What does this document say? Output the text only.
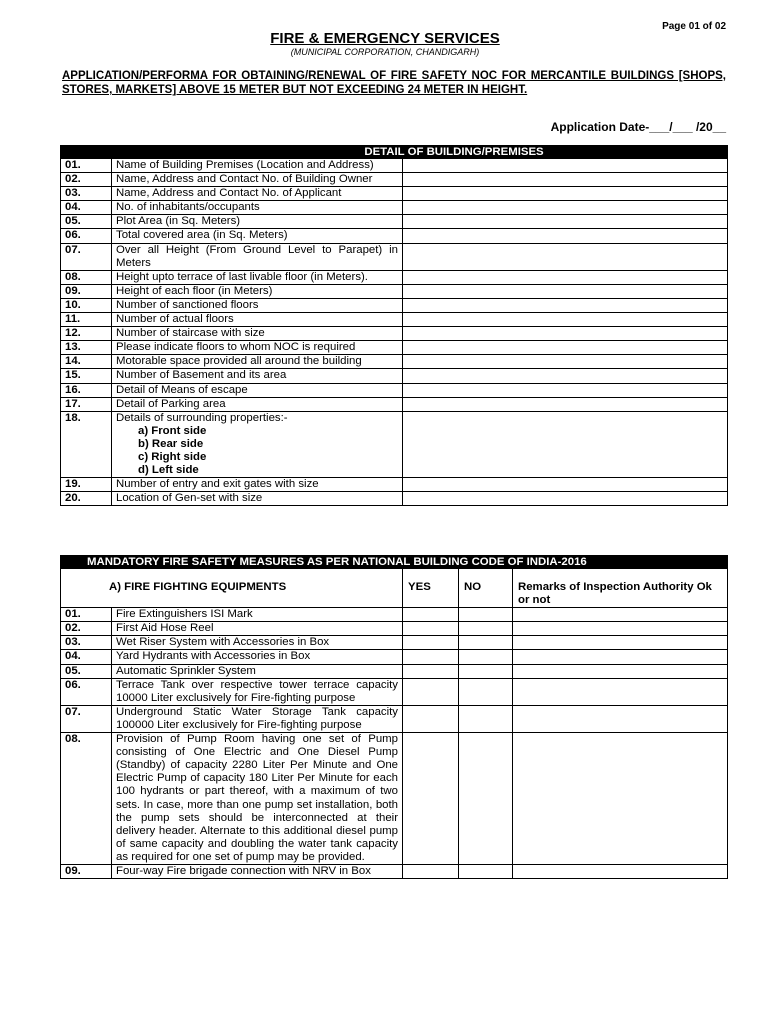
Page 01 of 02
FIRE & EMERGENCY SERVICES
(MUNICIPAL CORPORATION, CHANDIGARH)
APPLICATION/PERFORMA FOR OBTAINING/RENEWAL OF FIRE SAFETY NOC FOR MERCANTILE BUILDINGS [SHOPS, STORES, MARKETS] ABOVE 15 METER BUT NOT EXCEEDING 24 METER IN HEIGHT.
Application Date-___/___ /20__
DETAIL OF BUILDING/PREMISES		
01.	Name of Building Premises (Location and Address)	
02.	Name, Address and Contact No. of Building Owner	
03.	Name, Address and Contact No. of Applicant	
04.	No. of inhabitants/occupants	
05.	Plot Area (in Sq. Meters)	
06.	Total covered area (in Sq. Meters)	
07.	Over all Height (From Ground Level to Parapet) in Meters	
08.	Height upto terrace of last livable floor (in Meters).	
09.	Height of each floor (in Meters)	
10.	Number of sanctioned floors	
11.	Number of actual floors	
12.	Number of staircase with size	
13.	Please indicate floors to whom NOC is required	
14.	Motorable space provided all around the building	
15.	Number of Basement and its area	
16.	Detail of Means of escape	
17.	Detail of Parking area	
18.	Details of surrounding properties:-
a) Front side
b) Rear side
c) Right side
d) Left side	

19.	Number of entry and exit gates with size	
20.	Location of Gen-set with size	
MANDATORY FIRE SAFETY MEASURES AS PER NATIONAL BUILDING CODE OF INDIA-2016				
A) FIRE FIGHTING EQUIPMENTS		YES	NO	Remarks of Inspection Authority Ok or not
01.	Fire Extinguishers ISI Mark			
02.	First Aid Hose Reel			
03.	Wet Riser System with Accessories in Box			
04.	Yard Hydrants with Accessories in Box			
05.	Automatic Sprinkler System			
06.	Terrace Tank over respective tower terrace capacity 10000 Liter exclusively for Fire-fighting purpose			
07.	Underground Static Water Storage Tank capacity 100000 Liter exclusively for Fire-fighting purpose			
08.	Provision of Pump Room having one set of Pump consisting of One Electric and One Diesel Pump (Standby) of capacity 2280 Liter Per Minute and One Electric Pump of capacity 180 Liter Per Minute for each 100 hydrants or part thereof, with a maximum of two sets. In case, more than one pump set installation, both the pump sets should be interconnected at their delivery header. Alternate to this additional diesel pump of same capacity and doubling the water tank capacity as required for one set of pump may be provided.			
09.	Four-way Fire brigade connection with NRV in Box			
